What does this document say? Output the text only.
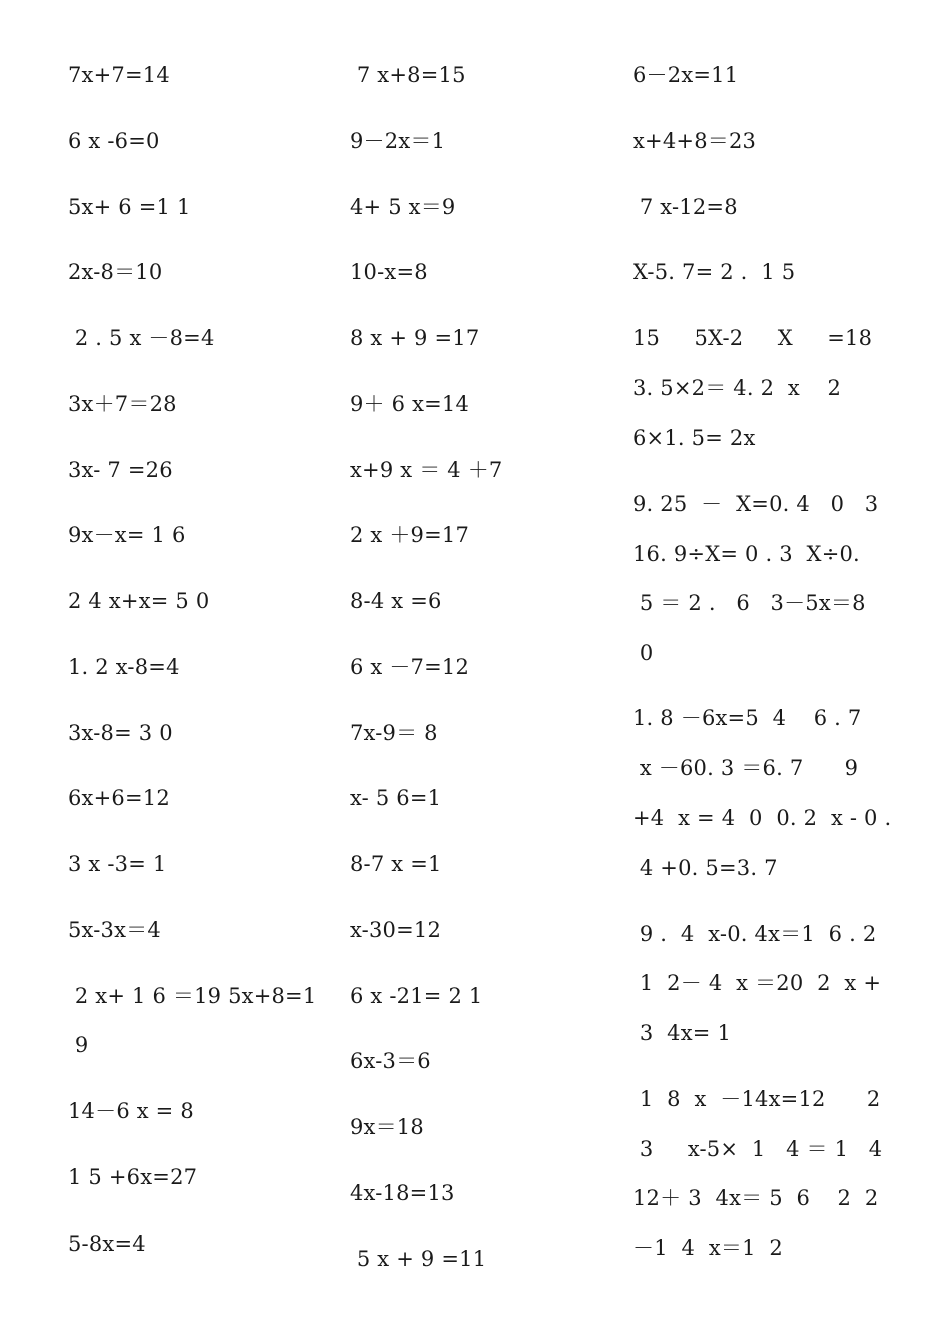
7x+7=14
6 x -6=0
5x+ 6 =1 1
2x-8＝10
2 . 5 x －8=4
3x＋7＝28
3x- 7 =26
9x－x= 1 6
2 4 x+x= 5 0
1. 2 x-8=4
3x-8= 3 0
6x+6=12
3 x -3= 1
5x-3x＝4
2 x+ 1 6 ＝19 5x+8=1
9
14－6 x = 8
1 5 +6x=27
5-8x=4
7 x+8=15
9－2x＝1
4+ 5 x＝9
10-x=8
8 x + 9 =17
9＋ 6 x=14
x+9 x ＝ 4 ＋7
2 x ＋9=17
8-4 x =6
6 x －7=12
7x-9＝ 8
x- 5 6=1
8-7 x =1
x-30=12
6 x -21= 2 1
6x-3＝6
9x＝18
4x-18=13
5 x + 9 =11
6－2x=11
x+4+8＝23
7 x-12=8
X-5. 7= 2 .  1 5
15     5X-2     X     =18
3. 5×2＝ 4. 2  x    2
6×1. 5= 2x
9. 25  －  X=0. 4   0   3
16. 9÷X= 0 . 3  X÷0.
5 ＝ 2 .   6   3－5x＝8
0
1. 8 －6x=5  4    6 . 7
x －60. 3 ＝6. 7      9
+4  x = 4  0  0. 2  x - 0 .
4 +0. 5=3. 7
9 .  4  x-0. 4x＝1  6 . 2
1  2－ 4  x ＝20  2  x +
3  4x= 1
1  8  x  －14x=12      2
3     x-5×  1   4 ＝ 1   4
12＋ 3  4x＝ 5  6    2  2
－1  4  x＝1  2
